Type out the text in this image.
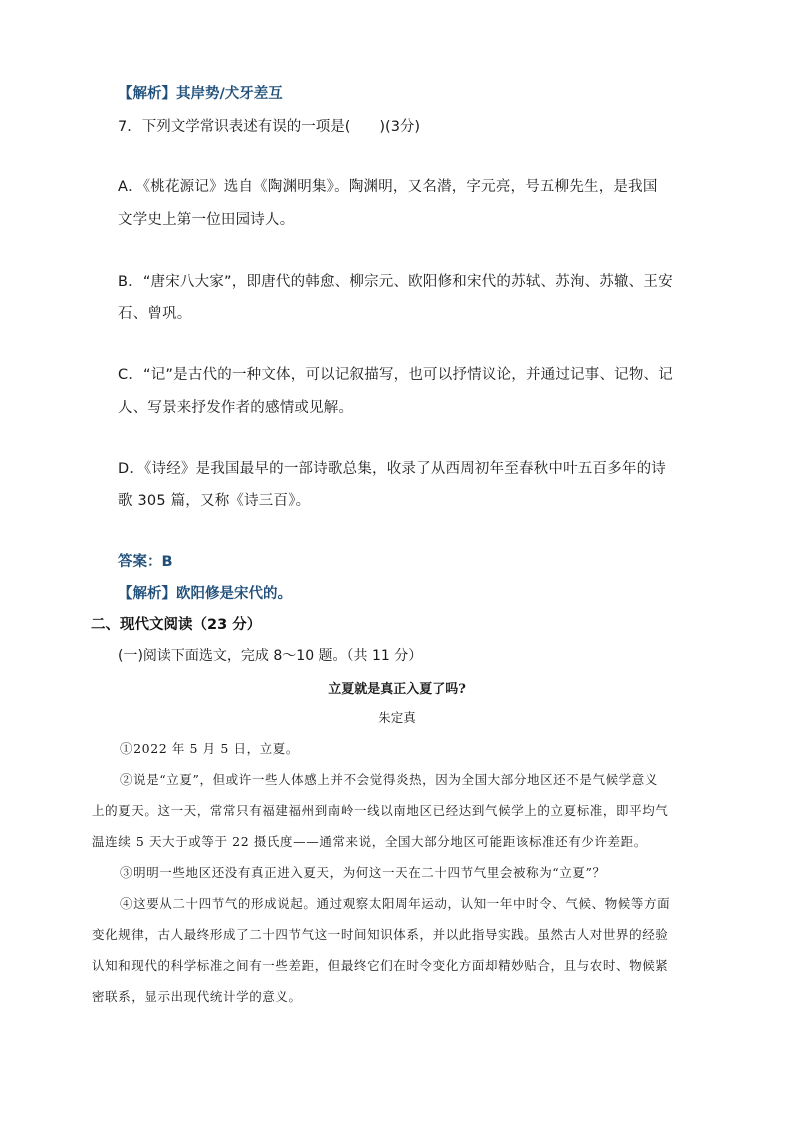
【解析】其岸势/犬牙差互
7．下列文学常识表述有误的一项是(　　)(3分)
A．《桃花源记》选自《陶渊明集》。陶渊明，又名潜，字元亮，号五柳先生，是我国
文学史上第一位田园诗人。
B．“唐宋八大家”，即唐代的韩愈、柳宗元、欧阳修和宋代的苏轼、苏洵、苏辙、王安
石、曾巩。
C．“记”是古代的一种文体，可以记叙描写，也可以抒情议论，并通过记事、记物、记
人、写景来抒发作者的感情或见解。
D．《诗经》是我国最早的一部诗歌总集，收录了从西周初年至春秋中叶五百多年的诗
歌 305 篇，又称《诗三百》。
答案：B
【解析】欧阳修是宋代的。
二、现代文阅读（23 分）
(一)阅读下面选文，完成 8～10 题。（共 11 分）
立夏就是真正入夏了吗?
朱定真
①2022 年 5 月 5 日，立夏。
②说是“立夏”，但或许一些人体感上并不会觉得炎热，因为全国大部分地区还不是气候学意义
上的夏天。这一天，常常只有福建福州到南岭一线以南地区已经达到气候学上的立夏标准，即平均气
温连续 5 天大于或等于 22 摄氏度——通常来说，全国大部分地区可能距该标准还有少许差距。
③明明一些地区还没有真正进入夏天，为何这一天在二十四节气里会被称为“立夏”？
④这要从二十四节气的形成说起。通过观察太阳周年运动，认知一年中时令、气候、物候等方面
变化规律，古人最终形成了二十四节气这一时间知识体系，并以此指导实践。虽然古人对世界的经验
认知和现代的科学标准之间有一些差距，但最终它们在时令变化方面却精妙贴合，且与农时、物候紧
密联系，显示出现代统计学的意义。
